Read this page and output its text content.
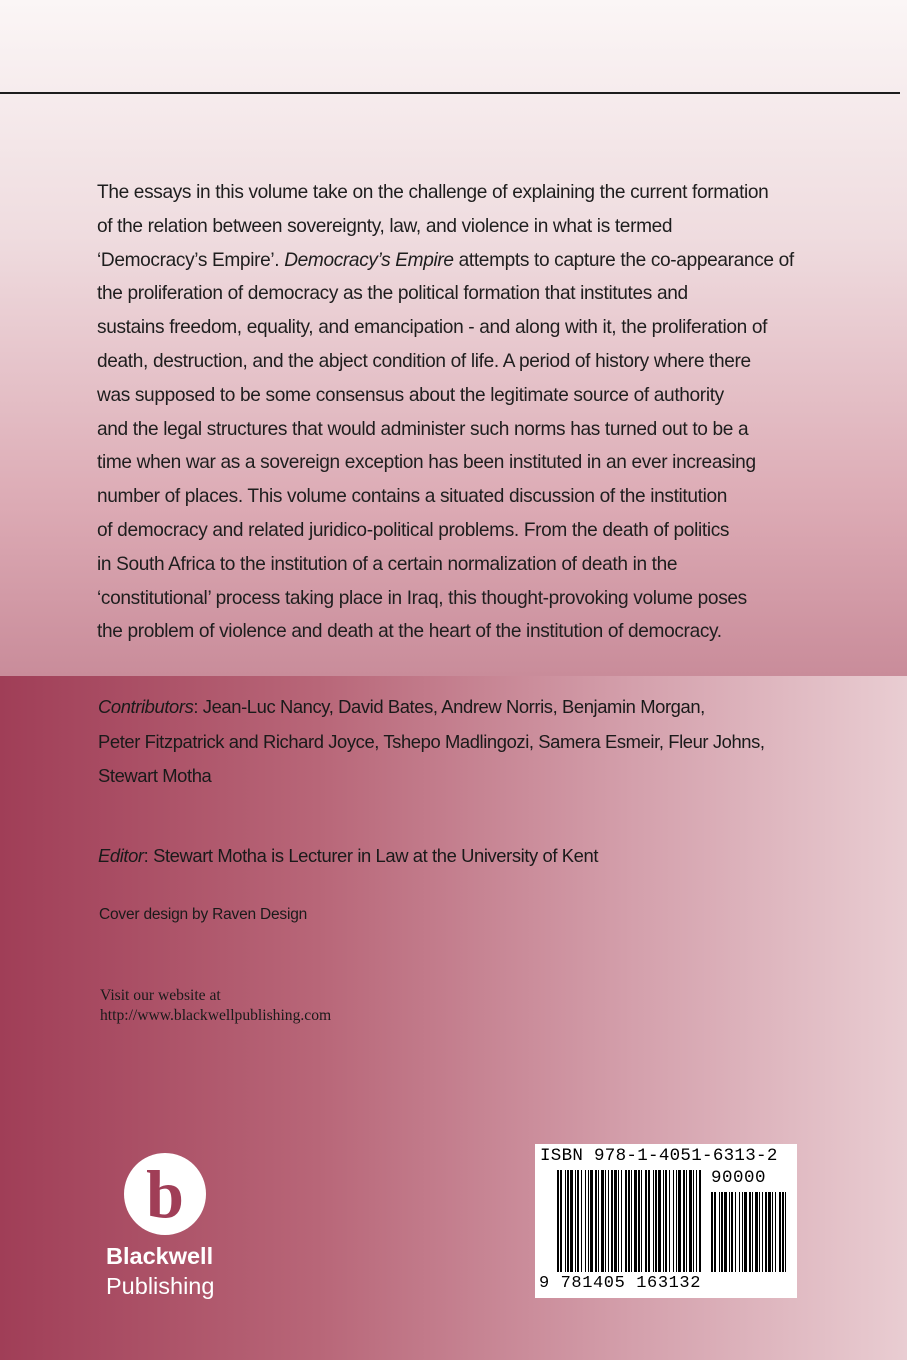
The essays in this volume take on the challenge of explaining the current formation
of the relation between sovereignty, law, and violence in what is termed
‘Democracy’s Empire’. Democracy’s Empire attempts to capture the co-appearance of
the proliferation of democracy as the political formation that institutes and
sustains freedom, equality, and emancipation - and along with it, the proliferation of
death, destruction, and the abject condition of life. A period of history where there
was supposed to be some consensus about the legitimate source of authority
and the legal structures that would administer such norms has turned out to be a
time when war as a sovereign exception has been instituted in an ever increasing
number of places. This volume contains a situated discussion of the institution
of democracy and related juridico-political problems. From the death of politics
in South Africa to the institution of a certain normalization of death in the
‘constitutional’ process taking place in Iraq, this thought-provoking volume poses
the problem of violence and death at the heart of the institution of democracy.
Contributors: Jean-Luc Nancy, David Bates, Andrew Norris, Benjamin Morgan,
Peter Fitzpatrick and Richard Joyce, Tshepo Madlingozi, Samera Esmeir, Fleur Johns,
Stewart Motha
Editor: Stewart Motha is Lecturer in Law at the University of Kent
Cover design by Raven Design
Visit our website at
http://www.blackwellpublishing.com
b
Blackwell
Publishing
ISBN 978-1-4051-6313-2
90000
9 781405 163132
